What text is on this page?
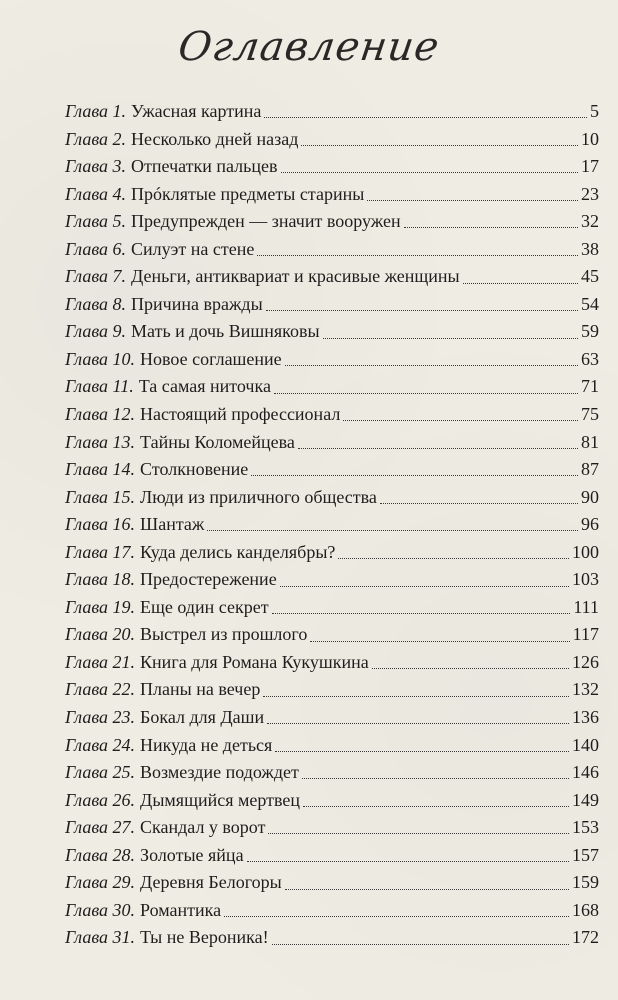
Оглавление
Глава 1. Ужасная картина	5
Глава 2. Несколько дней назад	10
Глава 3. Отпечатки пальцев	17
Глава 4. Прóклятые предметы старины	23
Глава 5. Предупрежден — значит вооружен	32
Глава 6. Силуэт на стене	38
Глава 7. Деньги, антиквариат и красивые женщины	45
Глава 8. Причина вражды	54
Глава 9. Мать и дочь Вишняковы	59
Глава 10. Новое соглашение	63
Глава 11. Та самая ниточка	71
Глава 12. Настоящий профессионал	75
Глава 13. Тайны Коломейцева	81
Глава 14. Столкновение	87
Глава 15. Люди из приличного общества	90
Глава 16. Шантаж	96
Глава 17. Куда делись канделябры?	100
Глава 18. Предостережение	103
Глава 19. Еще один секрет	111
Глава 20. Выстрел из прошлого	117
Глава 21. Книга для Романа Кукушкина	126
Глава 22. Планы на вечер	132
Глава 23. Бокал для Даши	136
Глава 24. Никуда не деться	140
Глава 25. Возмездие подождет	146
Глава 26. Дымящийся мертвец	149
Глава 27. Скандал у ворот	153
Глава 28. Золотые яйца	157
Глава 29. Деревня Белогоры	159
Глава 30. Романтика	168
Глава 31. Ты не Вероника!	172
